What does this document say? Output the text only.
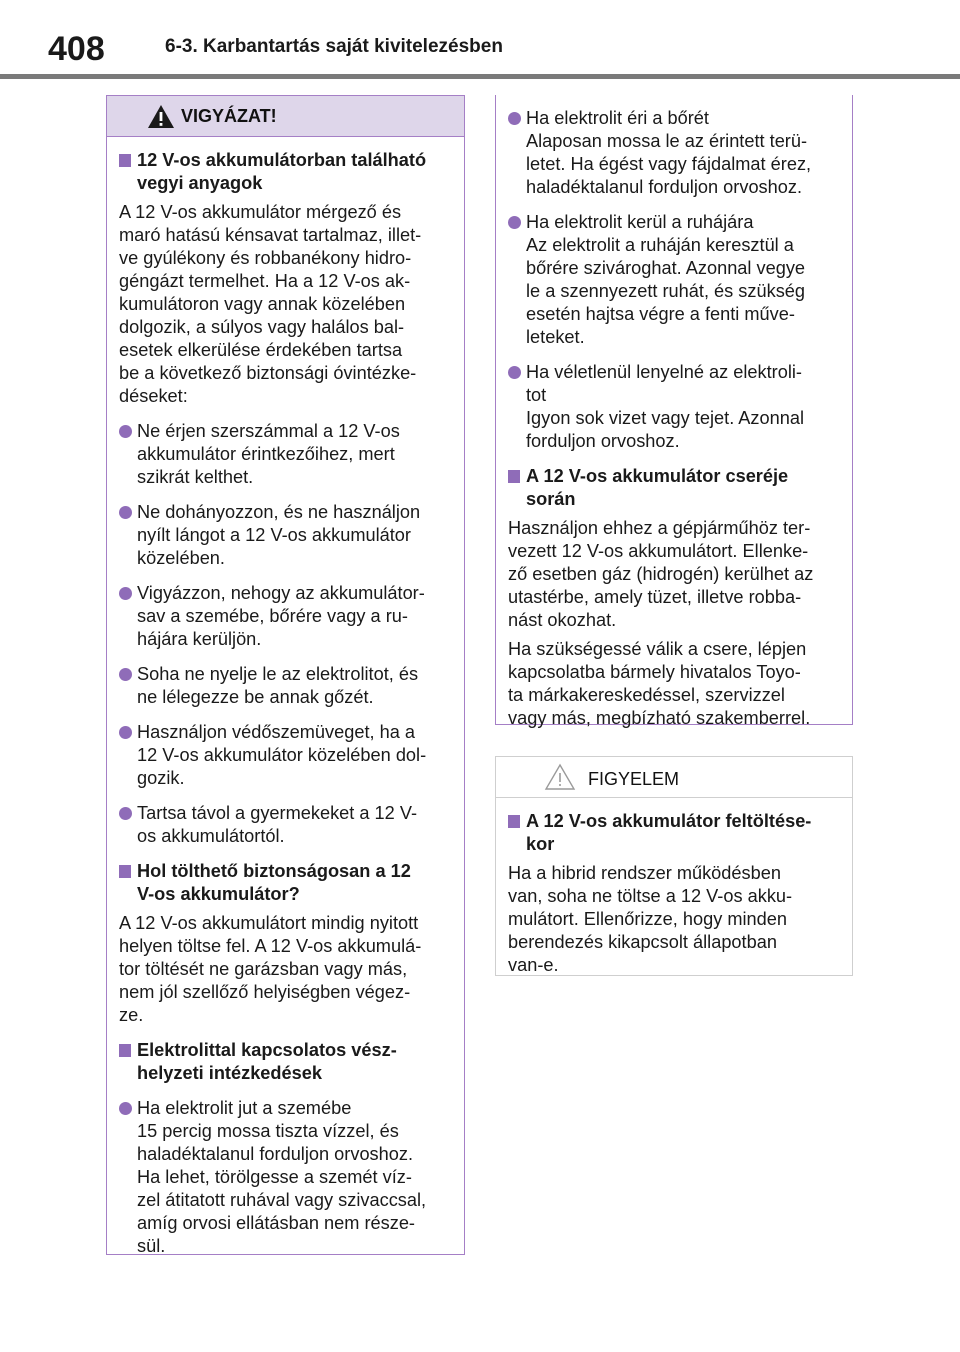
408	6-3. Karbantartás saját kivitelezésben
VIGYÁZAT!
12 V-os akkumulátorban található
vegyi anyagok
A 12 V-os akkumulátor mérgező és
maró hatású kénsavat tartalmaz, illet-
ve gyúlékony és robbanékony hidro-
géngázt termelhet. Ha a 12 V-os ak-
kumulátoron vagy annak közelében
dolgozik, a súlyos vagy halálos bal-
esetek elkerülése érdekében tartsa
be a következő biztonsági óvintézke-
déseket:
Ne érjen szerszámmal a 12 V-os
akkumulátor érintkezőihez, mert
szikrát kelthet.
Ne dohányozzon, és ne használjon
nyílt lángot a 12 V-os akkumulátor
közelében.
Vigyázzon, nehogy az akkumulátor-
sav a szemébe, bőrére vagy a ru-
hájára kerüljön.
Soha ne nyelje le az elektrolitot, és
ne lélegezze be annak gőzét.
Használjon védőszemüveget, ha a
12 V-os akkumulátor közelében dol-
gozik.
Tartsa távol a gyermekeket a 12 V-
os akkumulátortól.
Hol tölthető biztonságosan a 12
V-os akkumulátor?
A 12 V-os akkumulátort mindig nyitott
helyen töltse fel. A 12 V-os akkumulá-
tor töltését ne garázsban vagy más,
nem jól szellőző helyiségben végez-
ze.
Elektrolittal kapcsolatos vész-
helyzeti intézkedések
Ha elektrolit jut a szemébe
15 percig mossa tiszta vízzel, és
haladéktalanul forduljon orvoshoz.
Ha lehet, törölgesse a szemét víz-
zel átitatott ruhával vagy szivaccsal,
amíg orvosi ellátásban nem része-
sül.
Ha elektrolit éri a bőrét
Alaposan mossa le az érintett terü-
letet. Ha égést vagy fájdalmat érez,
haladéktalanul forduljon orvoshoz.
Ha elektrolit kerül a ruhájára
Az elektrolit a ruháján keresztül a
bőrére szivároghat. Azonnal vegye
le a szennyezett ruhát, és szükség
esetén hajtsa végre a fenti műve-
leteket.
Ha véletlenül lenyelné az elektroli-
tot
Igyon sok vizet vagy tejet. Azonnal
forduljon orvoshoz.
A 12 V-os akkumulátor cseréje
során
Használjon ehhez a gépjárműhöz ter-
vezett 12 V-os akkumulátort. Ellenke-
ző esetben gáz (hidrogén) kerülhet az
utastérbe, amely tüzet, illetve robba-
nást okozhat.
Ha szükségessé válik a csere, lépjen
kapcsolatba bármely hivatalos Toyo-
ta márkakereskedéssel, szervizzel
vagy más, megbízható szakemberrel.
FIGYELEM
A 12 V-os akkumulátor feltöltése-
kor
Ha a hibrid rendszer működésben
van, soha ne töltse a 12 V-os akku-
mulátort. Ellenőrizze, hogy minden
berendezés kikapcsolt állapotban
van-e.
